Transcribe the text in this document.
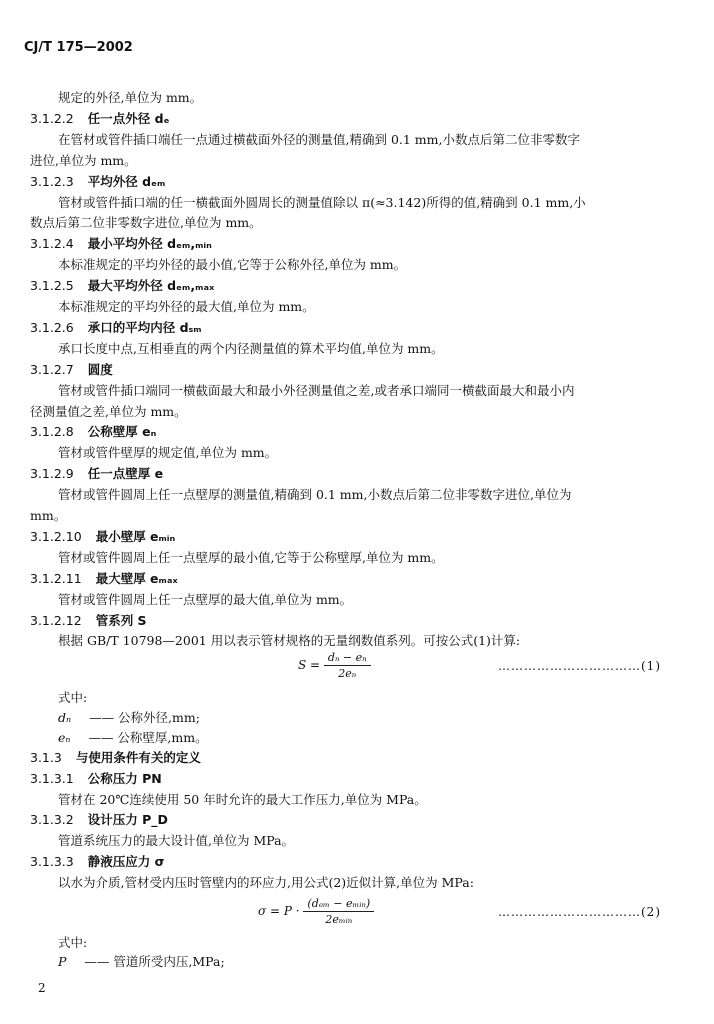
CJ/T 175—2002
规定的外径,单位为 mm。
3.1.2.2 任一点外径 dₑ
在管材或管件插口端任一点通过横截面外径的测量值,精确到 0.1 mm,小数点后第二位非零数字
进位,单位为 mm。
3.1.2.3 平均外径 dₑₘ
管材或管件插口端的任一横截面外圆周长的测量值除以 π(≈3.142)所得的值,精确到 0.1 mm,小
数点后第二位非零数字进位,单位为 mm。
3.1.2.4 最小平均外径 dₑₘ,ₘᵢₙ
本标准规定的平均外径的最小值,它等于公称外径,单位为 mm。
3.1.2.5 最大平均外径 dₑₘ,ₘₐₓ
本标准规定的平均外径的最大值,单位为 mm。
3.1.2.6 承口的平均内径 dₛₘ
承口长度中点,互相垂直的两个内径测量值的算术平均值,单位为 mm。
3.1.2.7 圆度
管材或管件插口端同一横截面最大和最小外径测量值之差,或者承口端同一横截面最大和最小内
径测量值之差,单位为 mm。
3.1.2.8 公称壁厚 eₙ
管材或管件壁厚的规定值,单位为 mm。
3.1.2.9 任一点壁厚 e
管材或管件圆周上任一点壁厚的测量值,精确到 0.1 mm,小数点后第二位非零数字进位,单位为
mm。
3.1.2.10 最小壁厚 eₘᵢₙ
管材或管件圆周上任一点壁厚的最小值,它等于公称壁厚,单位为 mm。
3.1.2.11 最大壁厚 eₘₐₓ
管材或管件圆周上任一点壁厚的最大值,单位为 mm。
3.1.2.12 管系列 S
根据 GB/T 10798—2001 用以表示管材规格的无量纲数值系列。可按公式(1)计算:
$S = \frac{\text{dₙ − eₙ}}{\text{2eₙ}}$	……………………………(1)
式中:
dₙ —— 公称外径,mm;
eₙ —— 公称壁厚,mm。
3.1.3 与使用条件有关的定义
3.1.3.1 公称压力 PN
管材在 20℃连续使用 50 年时允许的最大工作压力,单位为 MPa。
3.1.3.2 设计压力 P_D
管道系统压力的最大设计值,单位为 MPa。
3.1.3.3 静液压应力 σ
以水为介质,管材受内压时管壁内的环应力,用公式(2)近似计算,单位为 MPa:
$\sigma = P \cdot \frac{\text{(dₑₘ − eₘᵢₙ)}}{\text{2eₘᵢₙ}}$	……………………………(2)
式中:
P —— 管道所受内压,MPa;
2
